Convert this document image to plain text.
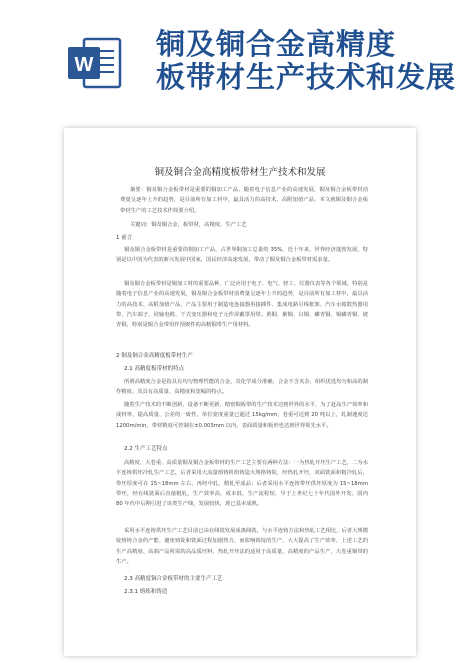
W
铜及铜合金高精度
板带材生产技术和发展
铜及铜合金高精度板带材生产技术和发展
摘要：铜及铜合金板带材是重要的铜加工产品，随着电子信息产业的高速发展，铜及铜合金板带材消费量呈逐年上升的趋势，是目前所有加工材中，最具活力的高技术、高附加值产品，本文就铜及铜合金板带材生产的工艺技术作简要介绍。
关键词：铜及铜合金，板带材，高精度，生产工艺
1 前言
铜及铜合金板带材是重要的铜加工产品，占世界铜加工总量的 35%，近十年来，世界经济蓬勃发展，特别是以中国为代表的新兴发展中国家，国民经济高速发展，带动了铜及铜合金板带材需求量。
铜及铜合金板带材是铜加工材的重要品种，广泛应用于电子、电气、轻工、仪器仪表等各个领域，特别是随着电子信息产业的高速发展，铜及铜合金板带材消费量呈逐年上升的趋势，是目前所有加工材中，最具活力的高技术、高附加值产品，产品主要用于制造电连接器用接插件、集成电路引线框架、汽车水箱散热器用带、汽车端子、同轴电缆、干式变压器和电子元件屏蔽罩用带。黄铜、紫铜、白铜、磷青铜、锡磷青铜、铍青铜，特别是铜合金带用作预镀件的高精铜带生产用材料。
2 铜及铜合金高精度板带材生产
2.1 高精度板带材的特点
所谓高精度合金是指具有均匀物理性能的合金，其化学成分准确，合金不含夹杂，组织优选均匀和高的制作精度、其具有高质量、高精度和宽幅的特点。
随着生产技术的不断创新，设备不断更新，精密铜板带的生产技术达到世界的水平，为了赶高生产效率和成材率，提高质量、公差的一致性，单位宽度重量已超过 15kg/mm，卷重可达到 20 吨以上，轧制速度达 1200m/min，带材精度可控制在±0.003mm 以内，表面质量和板形也达到世界领先水平。
2.2 生产工艺特点
高精度、大卷重、高质量铜及铜合金板带材的生产工艺主要有两种方法：一为热轧开坯生产工艺，二为水平连铸供坯冷轧生产工艺，后者采用大流量熔铸机组铸造大规格铸锭，经热轧开坯，双面铣面和粗冷轧后，带坯厚度可在 15~18mm 左右，再经中轧、精轧至成品；后者采用水平连铸带坯供坯厚度为 15~18mm 带坯，经在线铣面后直接粗轧，生产效率高、成本低、生产流程短，早于上世纪七十年代国外开发、国内 80 年代中后期引进了该类生产线，发展较快，现已基本成熟。
采用水平连铸供坯生产工艺目前已由在线铣发展成离线铣，与水平连铸方法和热轧工艺相比，后者大规模锭熔铸合金的产能、避免铸锭和铣面过程加剧热力，而影响铸锭的生产，大大提高了生产效率，上述工艺的生产高精度、高端产品所需的高品质坯料，热轧开坯法的适用于高质量、高精度的产品生产，大卷重铜带的生产。
2.3 高精度铜合金板带材的主要生产工艺
2.3.1 熔炼和铸造
